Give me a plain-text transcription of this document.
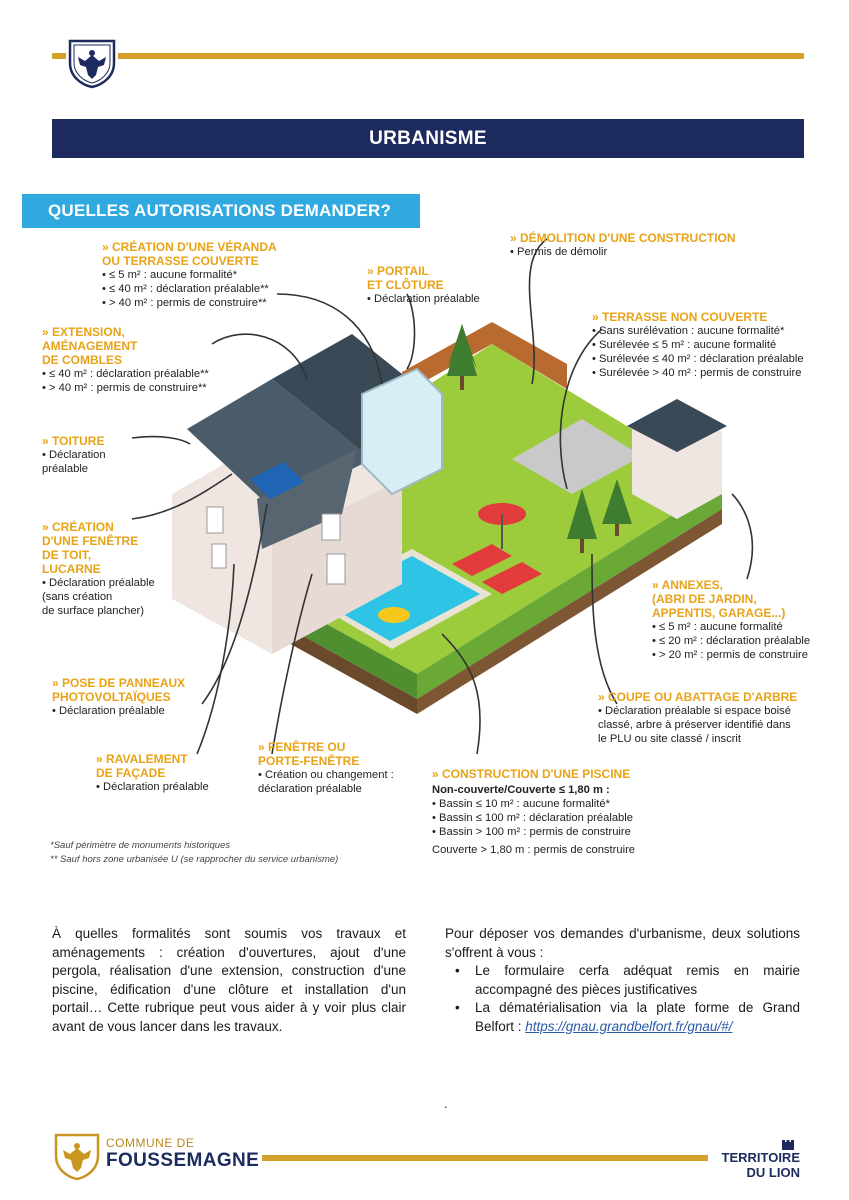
URBANISME
QUELLES AUTORISATIONS DEMANDER?
» CRÉATION D'UNE VÉRANDA
OU TERRASSE COUVERTE
• ≤ 5 m² : aucune formalité*
• ≤ 40 m² : déclaration préalable**
• > 40 m² : permis de construire**
» EXTENSION,
AMÉNAGEMENT
DE COMBLES
• ≤ 40 m² : déclaration préalable**
• > 40 m² : permis de construire**
» TOITURE
• Déclaration
préalable
» CRÉATION
D'UNE FENÊTRE
DE TOIT,
LUCARNE
• Déclaration préalable
(sans création
de surface plancher)
» POSE DE PANNEAUX
PHOTOVOLTAÏQUES
• Déclaration préalable
» RAVALEMENT
DE FAÇADE
• Déclaration préalable
» FENÊTRE OU
PORTE-FENÊTRE
• Création ou changement :
déclaration préalable
» PORTAIL
ET CLÔTURE
• Déclaration préalable
» DÉMOLITION D'UNE CONSTRUCTION
• Permis de démolir
» TERRASSE NON COUVERTE
• Sans surélévation : aucune formalité*
• Surélevée ≤ 5 m² : aucune formalité
• Surélevée ≤ 40 m² : déclaration préalable
• Surélevée > 40 m² : permis de construire
» ANNEXES,
(ABRI DE JARDIN,
APPENTIS, GARAGE...)
• ≤ 5 m² : aucune formalité
• ≤ 20 m² : déclaration préalable
• > 20 m² : permis de construire
» COUPE OU ABATTAGE D'ARBRE
• Déclaration préalable si espace boisé
classé, arbre à préserver identifié dans
le PLU ou site classé / inscrit
» CONSTRUCTION D'UNE PISCINE
Non-couverte/Couverte ≤ 1,80 m :
• Bassin ≤ 10 m² : aucune formalité*
• Bassin ≤ 100 m² : déclaration préalable
• Bassin > 100 m² : permis de construire
Couverte > 1,80 m : permis de construire
*Sauf périmètre de monuments historiques
** Sauf hors zone urbanisée U (se rapprocher du service urbanisme)
À quelles formalités sont soumis vos travaux et aménagements : création d'ouvertures, ajout d'une pergola, réalisation d'une extension, construction d'une piscine, édification d'une clôture et installation d'un portail… Cette rubrique peut vous aider à y voir plus clair avant de vous lancer dans les travaux.
Pour déposer vos demandes d'urbanisme, deux solutions s'offrent à vous :
• Le formulaire cerfa adéquat remis en mairie accompagné des pièces justificatives
• La dématérialisation via la plate forme de Grand Belfort : https://gnau.grandbelfort.fr/gnau/#/
.
COMMUNE DE
FOUSSEMAGNE	TERRITOIRE
DU LION
